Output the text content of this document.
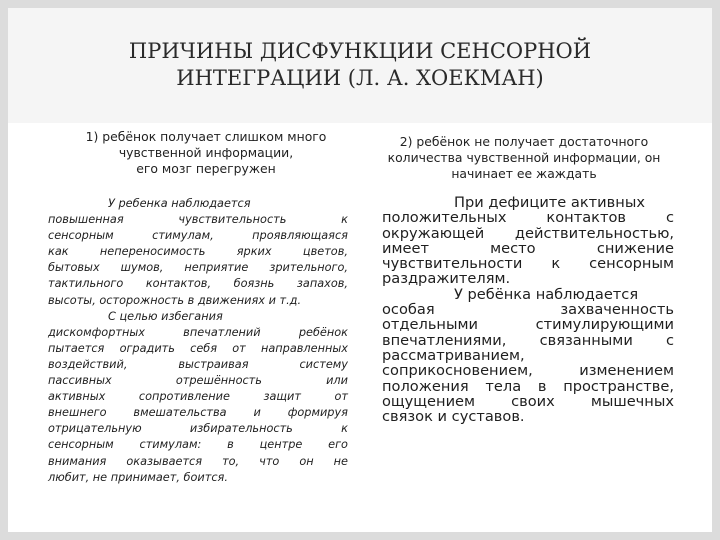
ПРИЧИНЫ ДИСФУНКЦИИ СЕНСОРНОЙ
ИНТЕГРАЦИИ (Л. А. ХОЕКМАН)
1) ребёнок получает слишком много
чувственной информации,
его мозг перегружен
2) ребёнок не получает достаточного
количества чувственной информации, он
начинает ее жаждать
У ребенка наблюдается
повышенная	чувствительность	к
сенсорным	стимулам,	проявляющаяся
как	непереносимость	ярких	цветов,
бытовых шумов, неприятие зрительного,
тактильного контактов, боязнь запахов,
высоты, осторожность в движениях и т.д.
С целью избегания
дискомфортных	впечатлений	ребёнок
пытается оградить себя от направленных
воздействий,	выстраивая	систему
пассивных	отрешённость	или
активных	сопротивление	защит	от
внешнего вмешательства и формируя
отрицательную	избирательность	к
сенсорным стимулам: в центре его
внимания оказывается то, что он не
любит, не принимает, боится.
При дефиците активных
положительных	контактов	с
окружающей действительностью,
имеет	место	снижение
чувствительности к сенсорным
раздражителям.
У ребёнка наблюдается
особая	захваченность
отдельными	стимулирующими
впечатлениями, связанными с
рассматриванием,
соприкосновением,	изменением
положения тела в пространстве,
ощущением своих мышечных
связок и суставов.
